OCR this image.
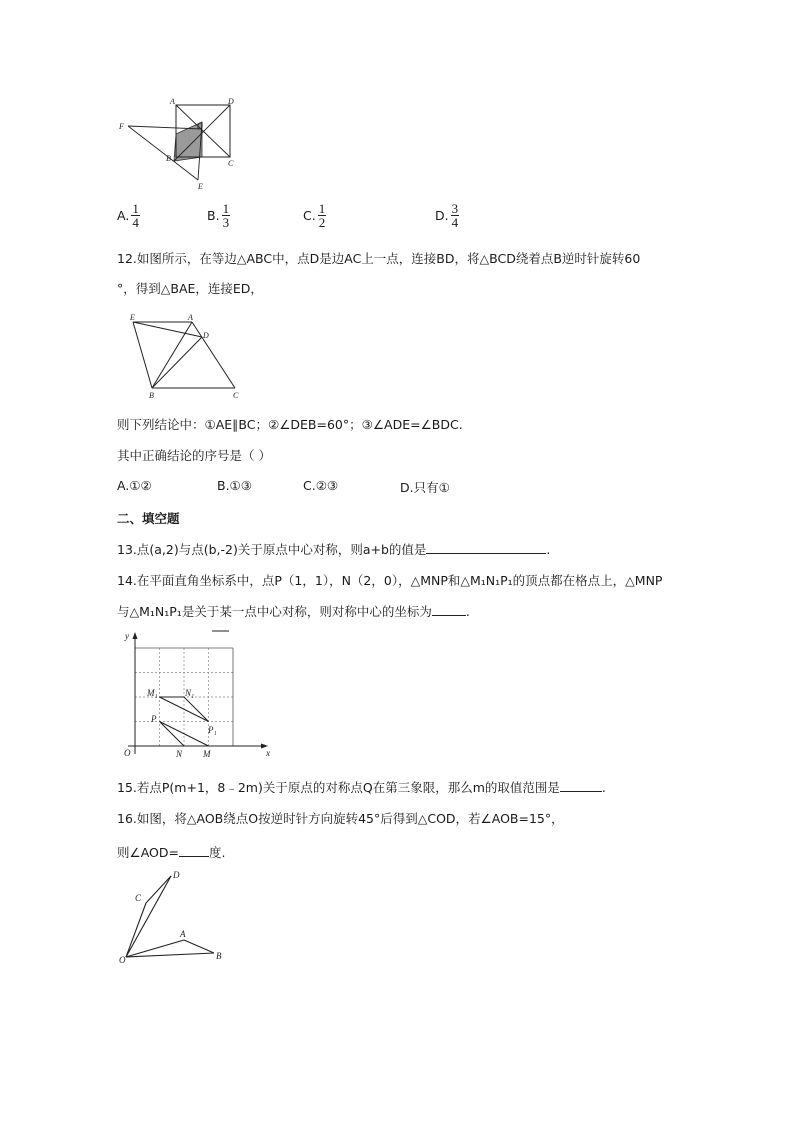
A	D
F	O
B
C
E
A. $\frac{1}{4}$	B. $\frac{1}{3}$	C. $\frac{1}{2}$	D. $\frac{3}{4}$
12.如图所示，在等边△ABC中，点D是边AC上一点，连接BD，将△BCD绕着点B逆时针旋转60
°，得到△BAE，连接ED，
E	A
D
B	C
则下列结论中：①AE∥BC；②∠DEB=60°；③∠ADE=∠BDC.
其中正确结论的序号是（ ）
A.①②	B.①③	C.②③	D.只有①
二、填空题
13.点(a,2)与点(b,-2)关于原点中心对称，则a+b的值是	.
14.在平面直角坐标系中，点P（1，1），N（2，0），△MNP和△M₁N₁P₁的顶点都在格点上，△MNP
与△M₁N₁P₁是关于某一点中心对称，则对称中心的坐标为	.
y
x
O
M₁	N₁
P
P₁
N M
15.若点P(m+1，8﹣2m)关于原点的对称点Q在第三象限，那么m的取值范围是	.
16.如图，将△AOB绕点O按逆时针方向旋转45°后得到△COD，若∠AOB=15°，
则∠AOD= 度.
D
C
A
O	B
